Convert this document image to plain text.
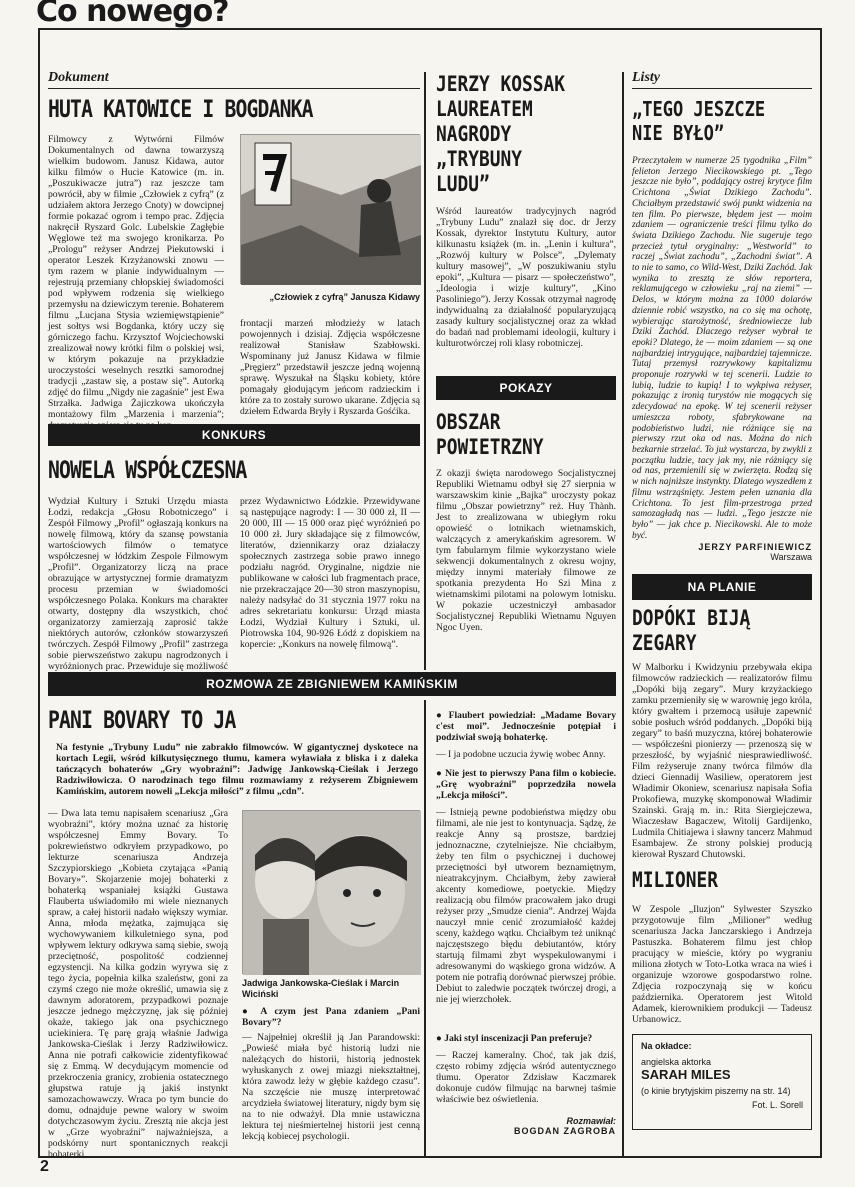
Co nowego?
Dokument
HUTA KATOWICE I BOGDANKA
Filmowcy z Wytwórni Filmów Dokumentalnych od dawna towarzyszą wielkim budowom. Janusz Kidawa, autor kilku filmów o Hucie Katowice (m. in. „Poszukiwacze jutra”) raz jeszcze tam powrócił, aby w filmie „Człowiek z cyfrą” (z udziałem aktora Jerzego Cnoty) w dowcipnej formie pokazać ogrom i tempo prac. Zdjęcia nakręcił Ryszard Golc. Lubelskie Zagłębie Węglowe też ma swojego kronikarza. Po „Prologu” reżyser Andrzej Piekutowski i operator Leszek Krzyżanowski znowu — tym razem w planie indywidualnym — rejestrują przemiany chłopskiej świadomości pod wpływem rodzenia się wielkiego przemysłu na dziewiczym terenie. Bohaterem filmu „Lucjana Stysia wziemięwstąpienie” jest sołtys wsi Bogdanka, który uczy się górniczego fachu. Krzysztof Wojciechowski zrealizował nowy krótki film o polskiej wsi, w którym pokazuje na przykładzie uroczystości weselnych resztki samorodnej tradycji „zastaw się, a postaw się”. Autorką zdjęć do filmu „Nigdy nie zagaśnie” jest Ewa Strzałka. Jadwiga Żajiczkowa ukończyła montażowy film „Marzenia i marzenia”;
„Człowiek z cyfrą” Janusza Kidawy
frontacji marzeń młodzieży w latach powojennych i dzisiaj. Zdjęcia współczesne realizował Stanisław Szabłowski. Wspominany już Janusz Kidawa w filmie „Pręgierz” przedstawił jeszcze jedną wojenną sprawę. Wyszukał na Śląsku kobiety, które pomagały głodującym jeńcom radzieckim i które za to zostały surowo ukarane. Zdjęcia są dziełem Edwarda Bryły i Ryszarda Gośćika.
KONKURS
NOWELA WSPÓŁCZESNA
Wydział Kultury i Sztuki Urzędu miasta Łodzi, redakcja „Głosu Robotniczego” i Zespół Filmowy „Profil” ogłaszają konkurs na nowelę filmową, który da szansę powstania wartościowych filmów o tematyce współczesnej w łódzkim Zespole Filmowym „Profil”. Organizatorzy liczą na prace obrazujące w artystycznej formie dramatyzm procesu przemian w świadomości współczesnego Polaka. Konkurs ma charakter otwarty, dostępny dla wszystkich, choć organizatorzy zamierzają zaprosić także niektórych autorów, członków stowarzyszeń twórczych. Zespół Filmowy „Profil” zastrzega sobie pierwszeństwo zakupu nagrodzonych i wyróżnionych prac. Przewiduje się możliwość
przez Wydawnictwo Łódzkie. Przewidywane są następujące nagrody: I — 30 000 zł, II — 20 000, III — 15 000 oraz pięć wyróżnień po 10 000 zł. Jury składające się z filmowców, literatów, dziennikarzy oraz działaczy społecznych zastrzega sobie prawo innego podziału nagród. Oryginalne, nigdzie nie publikowane w całości lub fragmentach prace, nie przekraczające 20—30 stron maszynopisu, należy nadsyłać do 31 stycznia 1977 roku na adres sekretariatu konkursu: Urząd miasta Łodzi, Wydział Kultury i Sztuki, ul. Piotrowska 104, 90-926 Łódź z dopiskiem na kopercie: „Konkurs na nowelę filmową”.
JERZY KOSSAK
LAUREATEM
NAGRODY
„TRYBUNY
LUDU”
Wśród laureatów tradycyjnych nagród „Trybuny Ludu” znalazł się doc. dr Jerzy Kossak, dyrektor Instytutu Kultury, autor kilkunastu książek (m. in. „Lenin i kultura”, „Rozwój kultury w Polsce”, „Dylematy kultury masowej”, „W poszukiwaniu stylu epoki”, „Kultura — pisarz — społeczeństwo”, „Ideologia i wizje kultury”, „Kino Pasoliniego”). Jerzy Kossak otrzymał nagrodę indywidualną za działalność popularyzującą zasady kultury socjalistycznej oraz za wkład do badań nad problemami ideologii, kultury i kulturotwórczej roli klasy robotniczej.
POKAZY
OBSZAR
POWIETRZNY
Z okazji święta narodowego Socjalistycznej Republiki Wietnamu odbył się 27 sierpnia w warszawskim kinie „Bajka” uroczysty pokaz filmu „Obszar powietrzny” reż. Huy Thành. Jest to zrealizowana w ubiegłym roku opowieść o lotnikach wietnamskich, walczących z amerykańskim agresorem. W tym fabularnym filmie wykorzystano wiele sekwencji dokumentalnych z okresu wojny, między innymi materiały filmowe ze spotkania prezydenta Ho Szi Mina z wietnamskimi pilotami na polowym lotnisku. W pokazie uczestniczył ambasador Socjalistycznej Republiki Wietnamu Nguyen Ngoc Uyen.
Listy
„TEGO JESZCZE
NIE BYŁO”
Przeczytałem w numerze 25 tygodnika „Film” felieton Jerzego Niecikowskiego pt. „Tego jeszcze nie było”, poddający ostrej krytyce film Crichtona „Świat Dzikiego Zachodu”. Chciałbym przedstawić swój punkt widzenia na ten film. Po pierwsze, błędem jest — moim zdaniem — ograniczenie treści filmu tylko do świata Dzikiego Zachodu. Nie sugeruje tego przecież tytuł oryginalny: „Westworld” to raczej „Świat zachodu”, „Zachodni świat”. A to nie to samo, co Wild-West, Dziki Zachód. Jak wynika to zresztą ze słów reportera, reklamującego w człowieku „raj na ziemi” — Delos, w którym można za 1000 dolarów dziennie robić wszystko, na co się ma ochotę, wybierając starożytność, średniowiecze lub Dziki Zachód. Dlaczego reżyser wybrał te epoki? Dlatego, że — moim zdaniem — są one najbardziej intrygujące, najbardziej tajemnicze. Tutaj przemysł rozrywkowy kapitalizmu proponuje rozrywki w tej scenerii. Ludzie to lubią, ludzie to kupią! I to wykpiwa reżyser, pokazując z ironią turystów nie mogących się zdecydować na epokę. W tej scenerii reżyser umieszcza roboty, sfabrykowane na podobieństwo ludzi, nie różniące się na pierwszy rzut oka od nas. Można do nich bezkarnie strzelać. To już wystarcza, by zwykli z początku ludzie, tacy jak my, nie różniący się od nas, przemienili się w zwierzęta. Rodzą się w nich najniższe instynkty. Dlatego wyszedłem z filmu wstrząśnięty. Jestem pełen uznania dla Crichtona. To jest film-przestroga przed samozagładą nas — ludzi. „Tego jeszcze nie było” — jak chce p. Niecikowski. Ale to może być.
JERZY PARFINIEWICZ
Warszawa
NA PLANIE
DOPÓKI BIJĄ
ZEGARY
W Malborku i Kwidzyniu przebywała ekipa filmowców radzieckich — realizatorów filmu „Dopóki biją zegary”. Mury krzyżackiego zamku przemieniły się w warownię jego króla, który gwałtem i przemocą usiłuje zapewnić sobie posłuch wśród poddanych. „Dopóki biją zegary” to baśń muzyczna, której bohaterowie — współcześni pionierzy — przenoszą się w przeszłość, by wyjaśnić niesprawiedliwość. Film reżyseruje znany twórca filmów dla dzieci Giennadij Wasiliew, operatorem jest Władimir Okoniew, scenariusz napisała Sofia Prokofiewa, muzykę skomponował Władimir Szainski. Grają m. in.: Rita Siergiejczewa, Wiaczesław Bagaczew, Witolij Gardijenko, Ludmila Chitiajewa i sławny tancerz Mahmud Esambajew. Ze strony polskiej producją kierował Ryszard Chutowski.
MILIONER
W Zespole „Iluzjon” Sylwester Szyszko przygotowuje film „Milioner” według scenariusza Jacka Janczarskiego i Andrzeja Pastuszka. Bohaterem filmu jest chłop pracujący w mieście, który po wygraniu miliona złotych w Toto-Lotka wraca na wieś i organizuje wzorowe gospodarstwo rolne. Zdjęcia rozpoczynają się w końcu października. Operatorem jest Witold Adamek, kierownikiem produkcji — Tadeusz Urbanowicz.
Na okładce:
angielska aktorka
SARAH MILES
(o kinie brytyjskim piszemy na str. 14)
Fot. L. Sorell
ROZMOWA ZE ZBIGNIEWEM KAMIŃSKIM
PANI BOVARY TO JA
Na festynie „Trybuny Ludu” nie zabrakło filmowców. W gigantycznej dyskotece na kortach Legii, wśród kilkutysięcznego tłumu, kamera wyławiała z bliska i z daleka tańczących bohaterów „Gry wyobraźni”: Jadwigę Jankowską-Cieślak i Jerzego Radziwiłowicza. O narodzinach tego filmu rozmawiamy z reżyserem Zbigniewem Kamińskim, autorem noweli „Lekcja miłości” z filmu „cdn”.
— Dwa lata temu napisałem scenariusz „Gra wyobraźni”, który można uznać za historię współczesnej Emmy Bovary. To pokrewieństwo odkryłem przypadkowo, po lekturze scenariusza Andrzeja Szczypiorskiego „Kobieta czytająca «Panią Bovary»”. Skojarzenie mojej bohaterki z bohaterką wspaniałej książki Gustawa Flauberta uświadomiło mi wiele nieznanych spraw, a całej historii nadało większy wymiar. Anna, młoda mężatka, zajmująca się wychowywaniem kilkuletniego syna, pod wpływem lektury odkrywa samą siebie, swoją przeciętność, pospolitość codziennej egzystencji. Na kilka godzin wyrywa się z tego życia, popełnia kilka szaleństw, goni za czymś czego nie może określić, umawia się z dawnym adoratorem, przypadkowi poznaje jeszcze jednego mężczyznę, jak się później okaże, takiego jak ona psychicznego uciekiniera. Tę parę grają właśnie Jadwiga Jankowska-Cieślak i Jerzy Radziwiłowicz. Anna nie potrafi całkowicie zidentyfikować się z Emmą. W decydującym momencie od przekroczenia granicy, zrobienia ostatecznego głupstwa ratuje ją jakiś instynkt samozachowawczy. Wraca po tym buncie do domu, odnajduje pewne walory w swoim dotychczasowym życiu. Zresztą nie akcja jest w „Grze wyobraźni” najważniejsza, a podskórny nurt spontanicznych reakcji bohaterki.
Jadwiga Jankowska-Cieślak i Marcin Wiciński
● A czym jest Pana zdaniem „Pani Bovary”?
— Najpełniej określił ją Jan Parandowski: „Powieść miała być historią ludzi nie należących do historii, historią jednostek wyłuskanych z owej miazgi niekształtnej, która zawodz leży w głębie każdego czasu”. Na szczęście nie muszę interpretować arcydzieła światowej literatury, nigdy bym się na to nie odważył. Dla mnie ustawiczna lektura tej nieśmiertelnej historii jest cenną lekcją kobiecej psychologii.
● Flaubert powiedział: „Madame Bovary c'est moi”. Jednocześnie potępiał i podziwiał swoją bohaterkę.
— I ja podobne uczucia żywię wobec Anny.
● Nie jest to pierwszy Pana film o kobiecie. „Grę wyobraźni” poprzedziła nowela „Lekcja miłości”.
— Istnieją pewne podobieństwa między obu filmami, ale nie jest to kontynuacja. Sądzę, że reakcje Anny są prostsze, bardziej jednoznaczne, czytelniejsze. Nie chciałbym, żeby ten film o psychicznej i duchowej przeciętności był utworem beznamiętnym, nieatrakcyjnym. Chciałbym, żeby zawierał akcenty komediowe, poetyckie. Między realizacją obu filmów pracowałem jako drugi reżyser przy „Smudze cienia”. Andrzej Wajda nauczył mnie cenić zrozumiałość każdej sceny, każdego wątku. Chciałbym też uniknąć najczęstszego błędu debiutantów, który startują filmami zbyt wyspekulowanymi i adresowanymi do wąskiego grona widzów. A potem nie potrafią dorównać pierwszej próbie. Debiut to zaledwie początek twórczej drogi, a nie jej wierzchołek.
● Jaki styl inscenizacji Pan preferuje?
— Raczej kameralny. Choć, tak jak dziś, często robimy zdjęcia wśród autentycznego tłumu. Operator Zdzisław Kaczmarek dokonuje cudów filmując na barwnej taśmie właściwie bez oświetlenia.
Rozmawiał:
BOGDAN ZAGROBA
2
